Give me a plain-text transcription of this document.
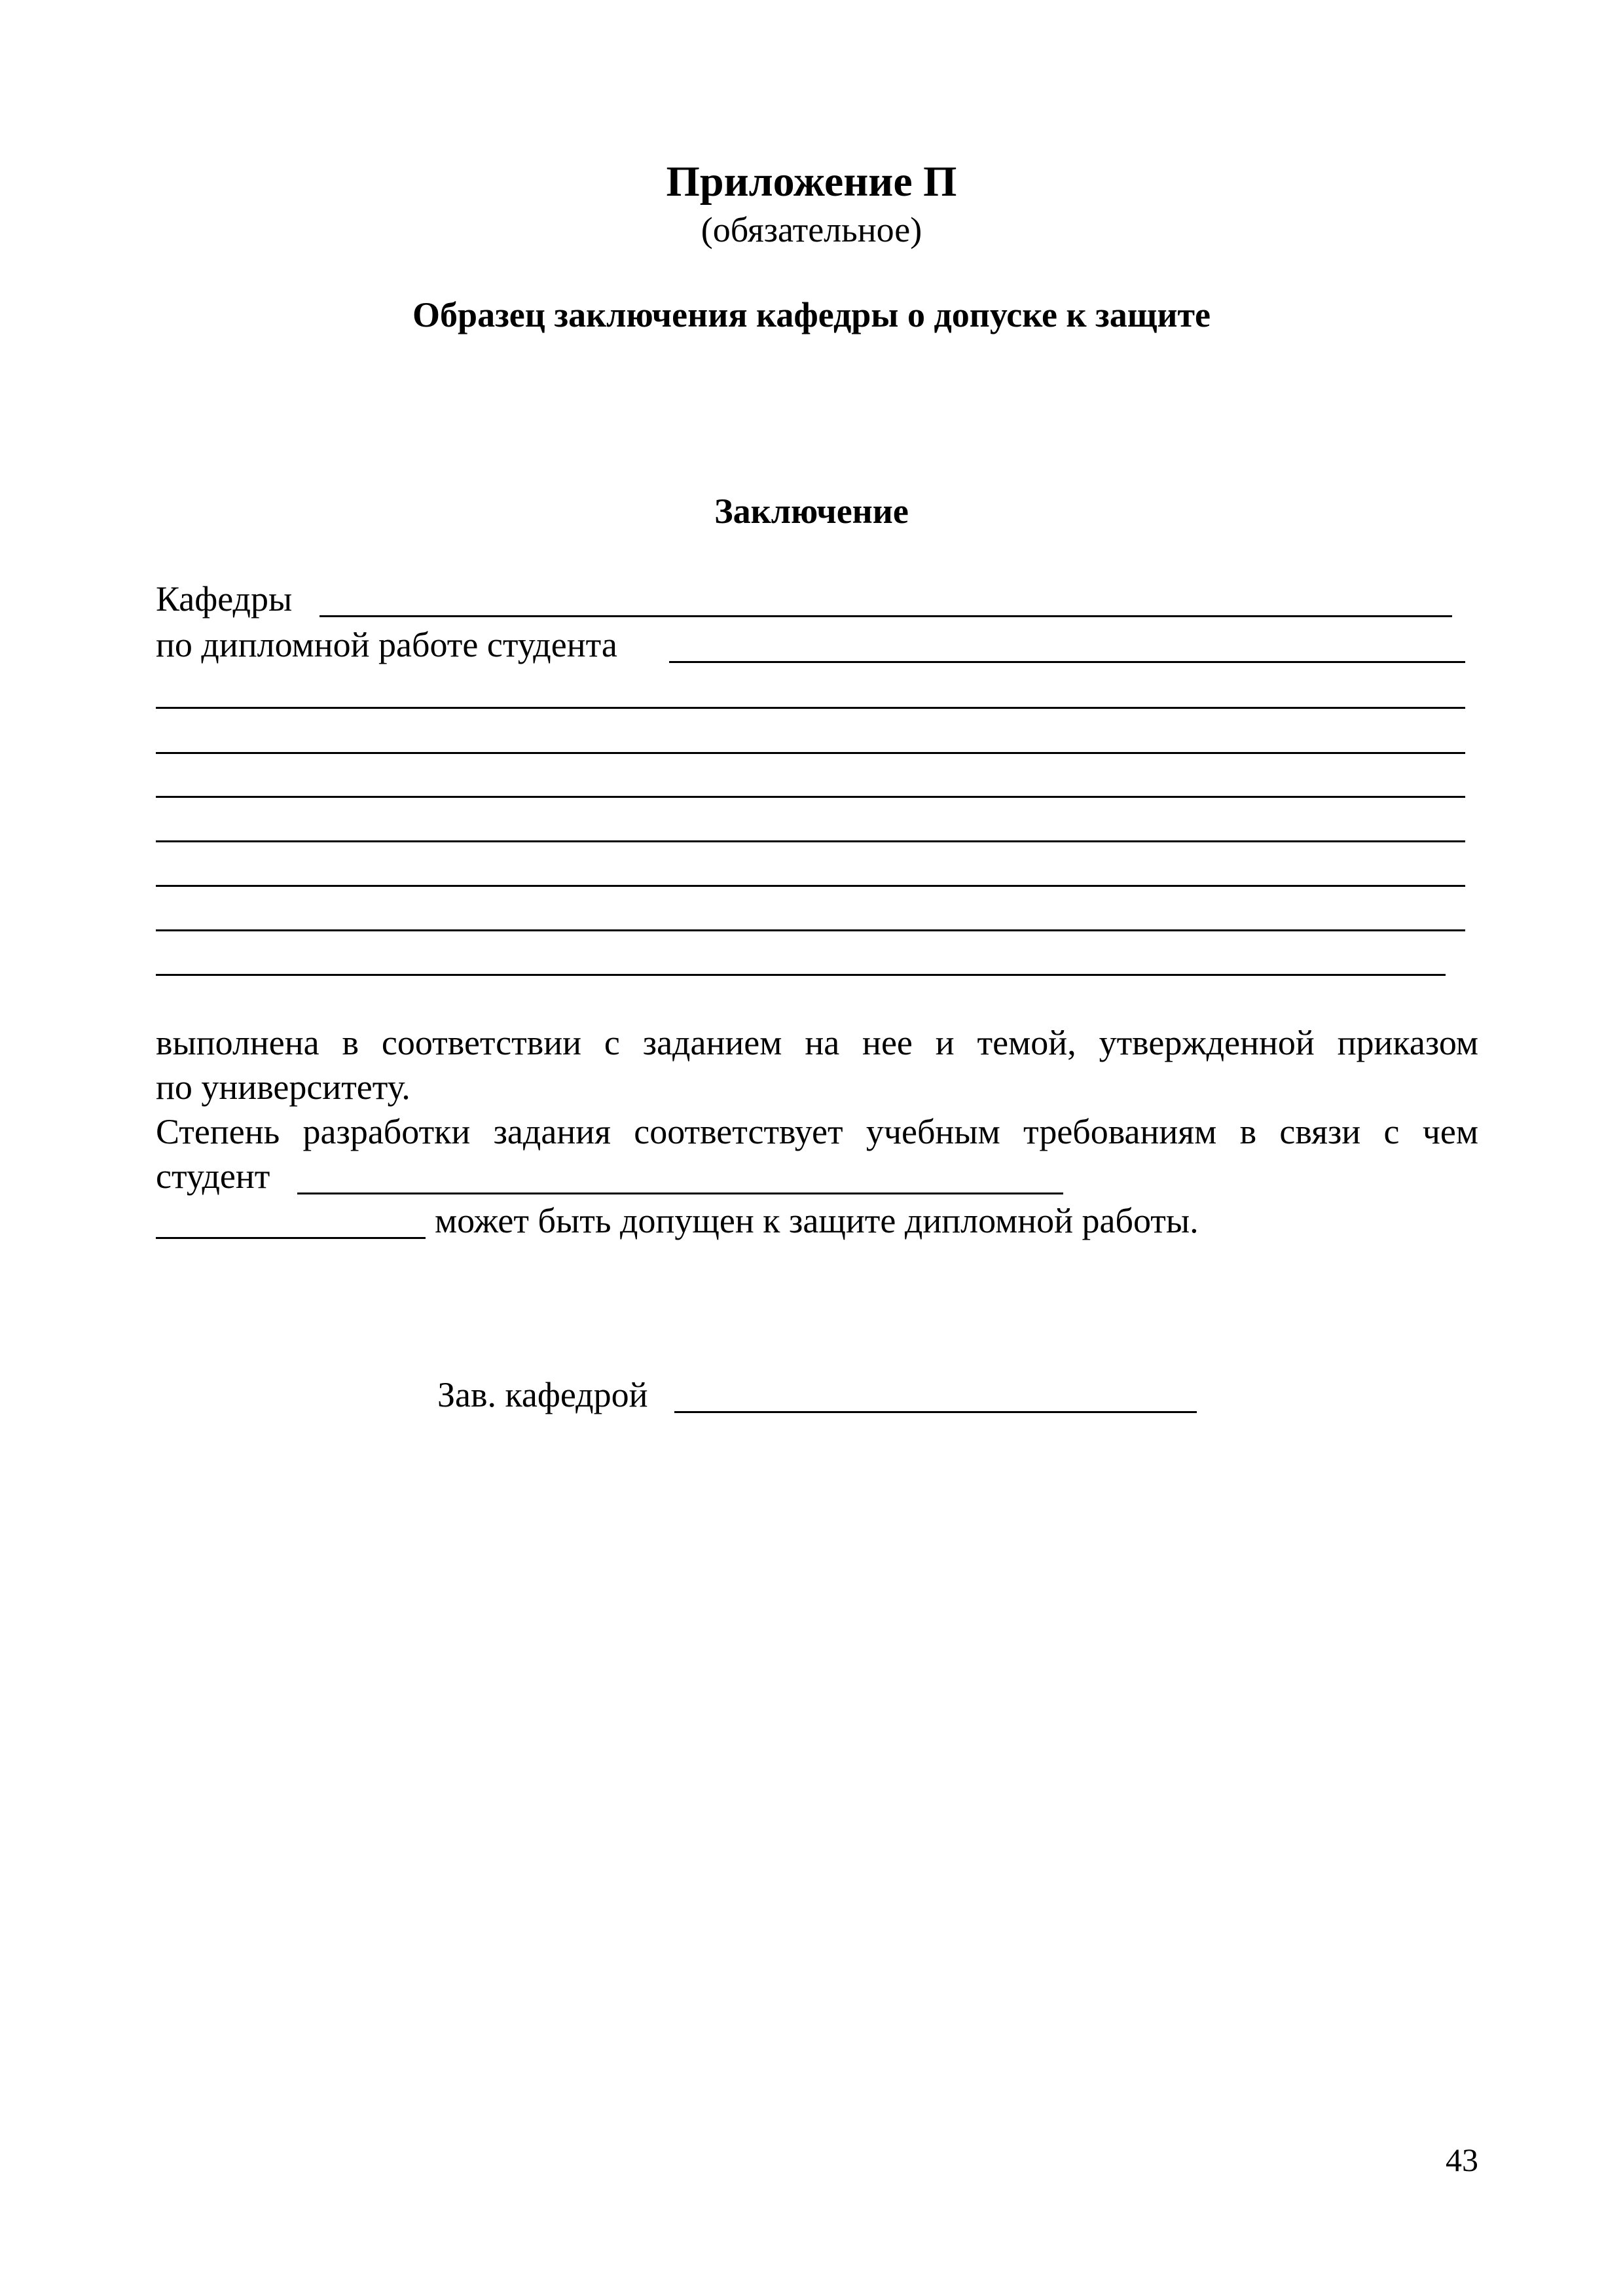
Приложение П
(обязательное)
Образец заключения кафедры о допуске к защите
Заключение
Кафедры
по дипломной работе студента
выполнена в соответствии с заданием на нее и темой, утвержденной приказом
по университету.
Степень разработки задания соответствует учебным требованиям в связи с чем
студент
может быть допущен к защите дипломной работы.
Зав. кафедрой
43
